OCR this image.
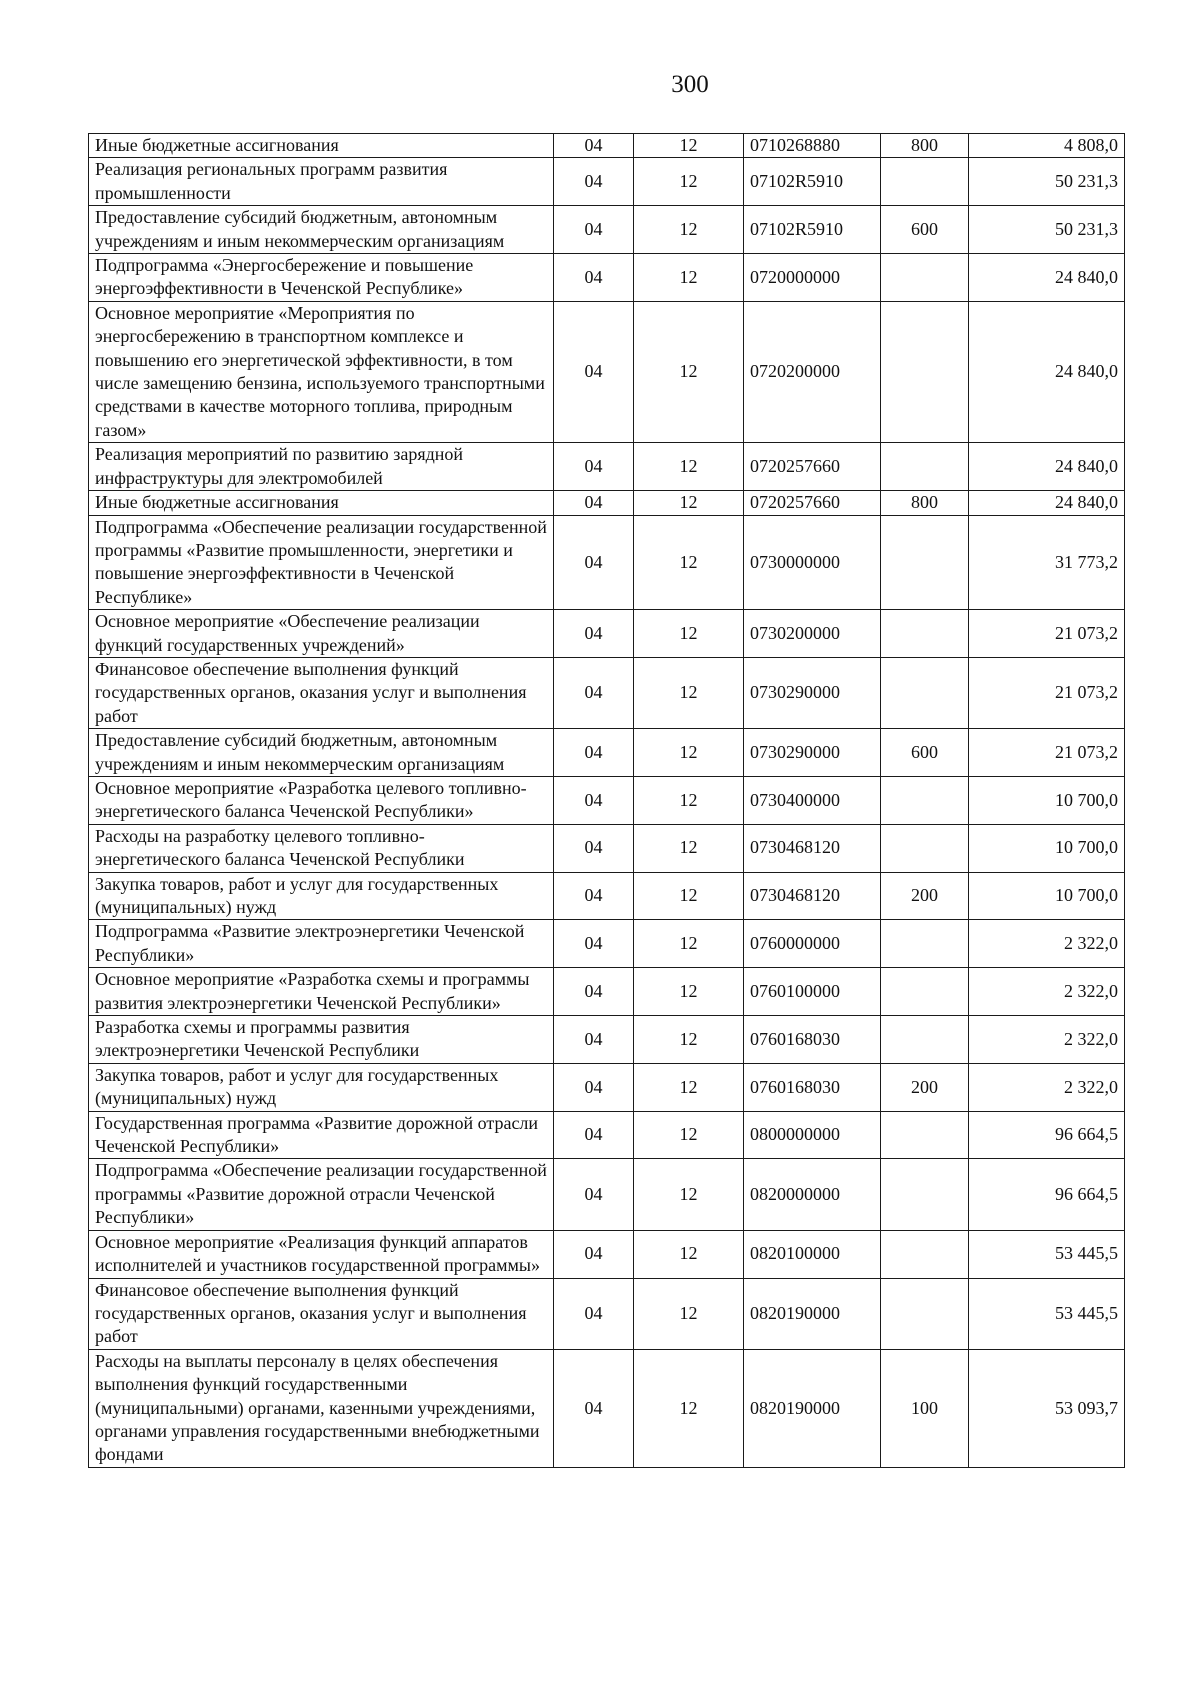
300
Иные бюджетные ассигнования	04	12	0710268880	800	4 808,0
Реализация региональных программ развития промышленности	04	12	07102R5910		50 231,3
Предоставление субсидий бюджетным, автономным учреждениям и иным некоммерческим организациям	04	12	07102R5910	600	50 231,3
Подпрограмма «Энергосбережение и повышение энергоэффективности в Чеченской Республике»	04	12	0720000000		24 840,0
Основное мероприятие «Мероприятия по энергосбережению в транспортном комплексе и повышению его энергетической эффективности, в том числе замещению бензина, используемого транспортными средствами в качестве моторного топлива, природным газом»	04	12	0720200000		24 840,0
Реализация мероприятий по развитию зарядной инфраструктуры для электромобилей	04	12	0720257660		24 840,0
Иные бюджетные ассигнования	04	12	0720257660	800	24 840,0
Подпрограмма «Обеспечение реализации государственной программы «Развитие промышленности, энергетики и повышение энергоэффективности в Чеченской Республике»	04	12	0730000000		31 773,2
Основное мероприятие «Обеспечение реализации функций государственных учреждений»	04	12	0730200000		21 073,2
Финансовое обеспечение выполнения функций государственных органов, оказания услуг и выполнения работ	04	12	0730290000		21 073,2
Предоставление субсидий бюджетным, автономным учреждениям и иным некоммерческим организациям	04	12	0730290000	600	21 073,2
Основное мероприятие «Разработка целевого топливно-энергетического баланса Чеченской Республики»	04	12	0730400000		10 700,0
Расходы на разработку целевого топливно-энергетического баланса Чеченской Республики	04	12	0730468120		10 700,0
Закупка товаров, работ и услуг для государственных (муниципальных) нужд	04	12	0730468120	200	10 700,0
Подпрограмма «Развитие электроэнергетики Чеченской Республики»	04	12	0760000000		2 322,0
Основное мероприятие «Разработка схемы и программы развития электроэнергетики Чеченской Республики»	04	12	0760100000		2 322,0
Разработка схемы и программы развития электроэнергетики Чеченской Республики	04	12	0760168030		2 322,0
Закупка товаров, работ и услуг для государственных (муниципальных) нужд	04	12	0760168030	200	2 322,0
Государственная программа «Развитие дорожной отрасли Чеченской Республики»	04	12	0800000000		96 664,5
Подпрограмма «Обеспечение реализации государственной программы «Развитие дорожной отрасли Чеченской Республики»	04	12	0820000000		96 664,5
Основное мероприятие «Реализация функций аппаратов исполнителей и участников государственной программы»	04	12	0820100000		53 445,5
Финансовое обеспечение выполнения функций государственных органов, оказания услуг и выполнения работ	04	12	0820190000		53 445,5
Расходы на выплаты персоналу в целях обеспечения выполнения функций государственными (муниципальными) органами, казенными учреждениями, органами управления государственными внебюджетными фондами	04	12	0820190000	100	53 093,7
